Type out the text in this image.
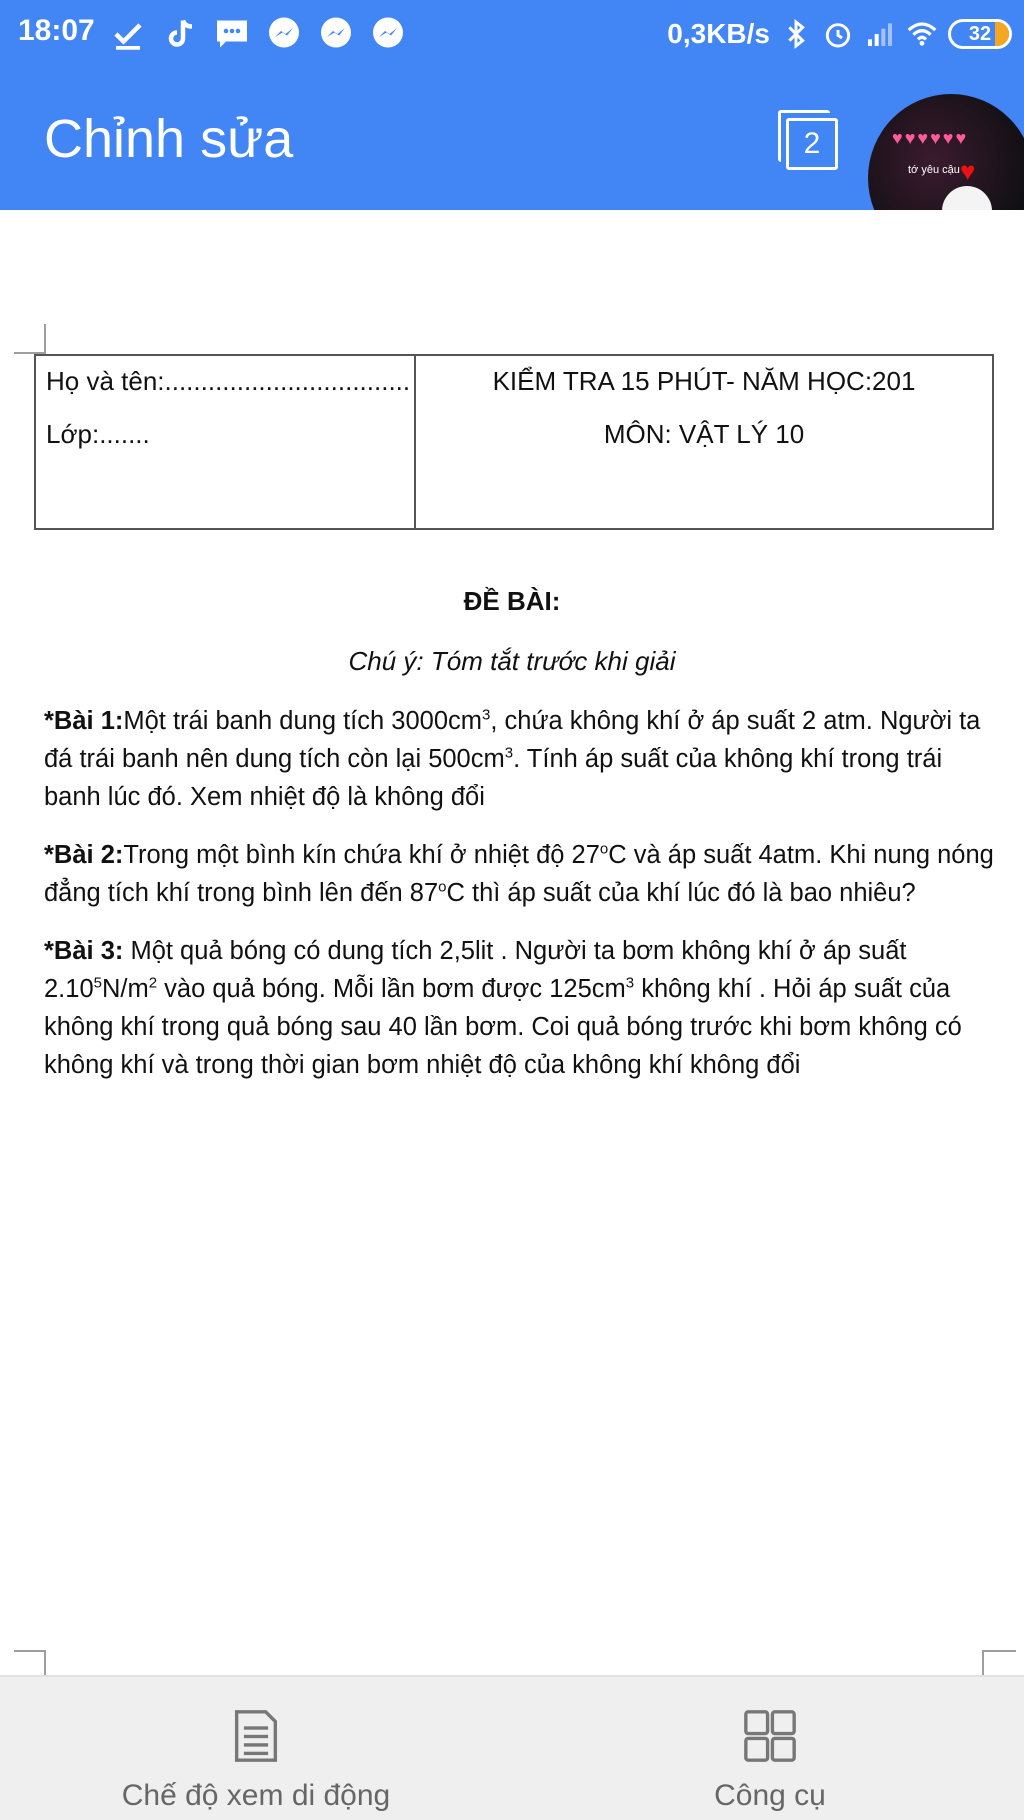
18:07	0,3KB/s	32
Chỉnh sửa	2	♥♥♥♥♥♥
tớ yêu cậu ♥
Họ và tên:..................................
Lớp:.......
KIỂM TRA 15 PHÚT- NĂM HỌC:201
MÔN: VẬT LÝ 10
ĐỀ BÀI:
Chú ý: Tóm tắt trước khi giải

*Bài 1:Một trái banh dung tích $3000cm^3$, chứa không khí ở áp suất 2 atm. Người ta đá trái banh nên dung tích còn lại $500cm^3$. Tính áp suất của không khí trong trái banh lúc đó. Xem nhiệt độ là không đổi

*Bài 2:Trong một bình kín chứa khí ở nhiệt độ 27$^o$C và áp suất 4atm. Khi nung nóng đẳng tích khí trong bình lên đến 87$^o$C thì áp suất của khí lúc đó là bao nhiêu?

*Bài 3: Một quả bóng có dung tích 2,5lit . Người ta bơm không khí ở áp suất $2.10^5N/m^2$ vào quả bóng. Mỗi lần bơm được $125cm^3$ không khí . Hỏi áp suất của không khí trong quả bóng sau 40 lần bơm. Coi quả bóng trước khi bơm không có không khí và trong thời gian bơm nhiệt độ của không khí không đổi

Chế độ xem di động	Công cụ
